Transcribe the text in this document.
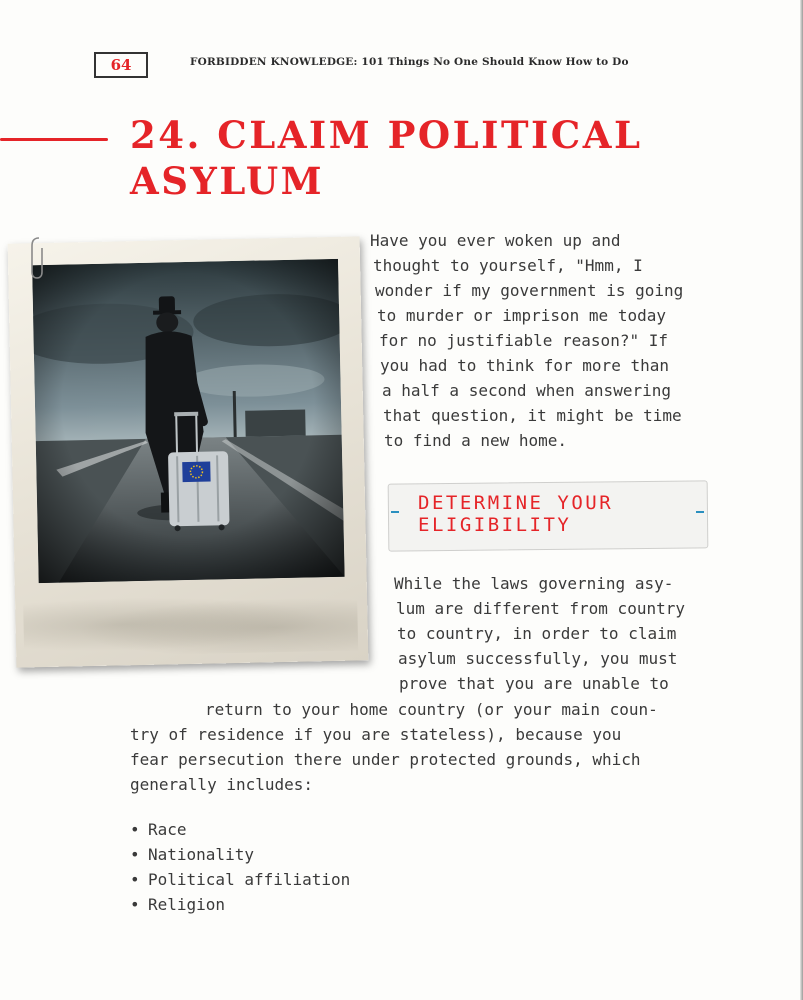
64	FORBIDDEN KNOWLEDGE: 101 Things No One Should Know How to Do
24. CLAIM POLITICAL
ASYLUM

Have you ever woken up and

thought to yourself, "Hmm, I

wonder if my government is going

to murder or imprison me today

for no justifiable reason?" If

you had to think for more than

a half a second when answering

that question, it might be time

to find a new home.

DETERMINE YOUR
ELIGIBILITY

While the laws governing asy-

lum are different from country

to country, in order to claim

asylum successfully, you must

prove that you are unable to

return to your home country (or your main coun-

try of residence if you are stateless), because you

fear persecution there under protected grounds, which

generally includes:

• Race
• Nationality
• Political affiliation
• Religion
